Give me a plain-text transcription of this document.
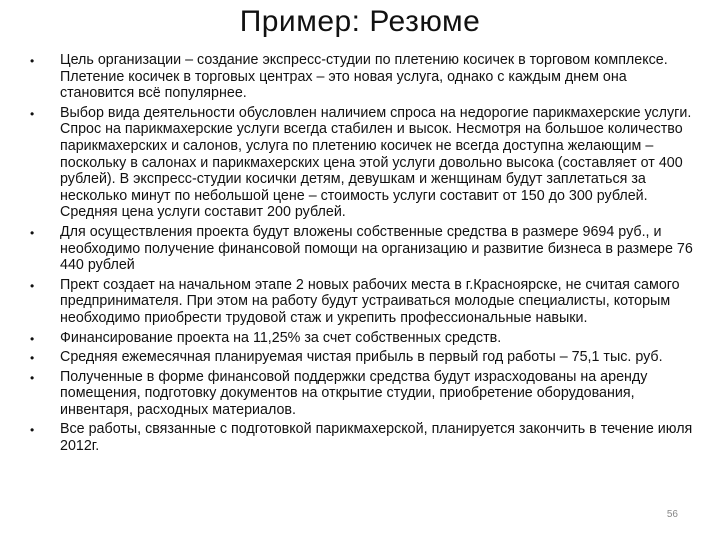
Пример: Резюме
• Цель организации – создание экспресс-студии по плетению косичек в торговом комплексе. Плетение косичек в торговых центрах – это новая услуга, однако с каждым днем она становится всё популярнее.
• Выбор вида деятельности обусловлен наличием спроса на недорогие парикмахерские услуги. Спрос на парикмахерские услуги всегда стабилен и высок. Несмотря на большое количество парикмахерских и салонов, услуга по плетению косичек не всегда доступна желающим – поскольку в салонах и парикмахерских цена этой услуги довольно высока (составляет от 400 рублей). В экспресс-студии косички детям, девушкам и женщинам будут заплетаться за несколько минут по небольшой цене – стоимость услуги составит от 150 до 300 рублей. Средняя цена услуги составит 200 рублей.
• Для осуществления проекта будут вложены собственные средства в размере 9694 руб., и необходимо получение финансовой помощи на организацию и развитие бизнеса в размере 76 440 рублей
• Прект создает на начальном этапе 2 новых рабочих места в г.Красноярске, не считая самого предпринимателя. При этом на работу будут устраиваться молодые специалисты, которым необходимо приобрести трудовой стаж и укрепить профессиональные навыки.
• Финансирование проекта на 11,25% за счет собственных средств.
• Средняя ежемесячная планируемая чистая прибыль в первый год работы – 75,1 тыс. руб.
• Полученные в форме финансовой поддержки средства будут израсходованы на аренду помещения, подготовку документов на открытие студии, приобретение оборудования, инвентаря, расходных материалов.
• Все работы, связанные с подготовкой парикмахерской, планируется закончить в течение июля 2012г.
56
